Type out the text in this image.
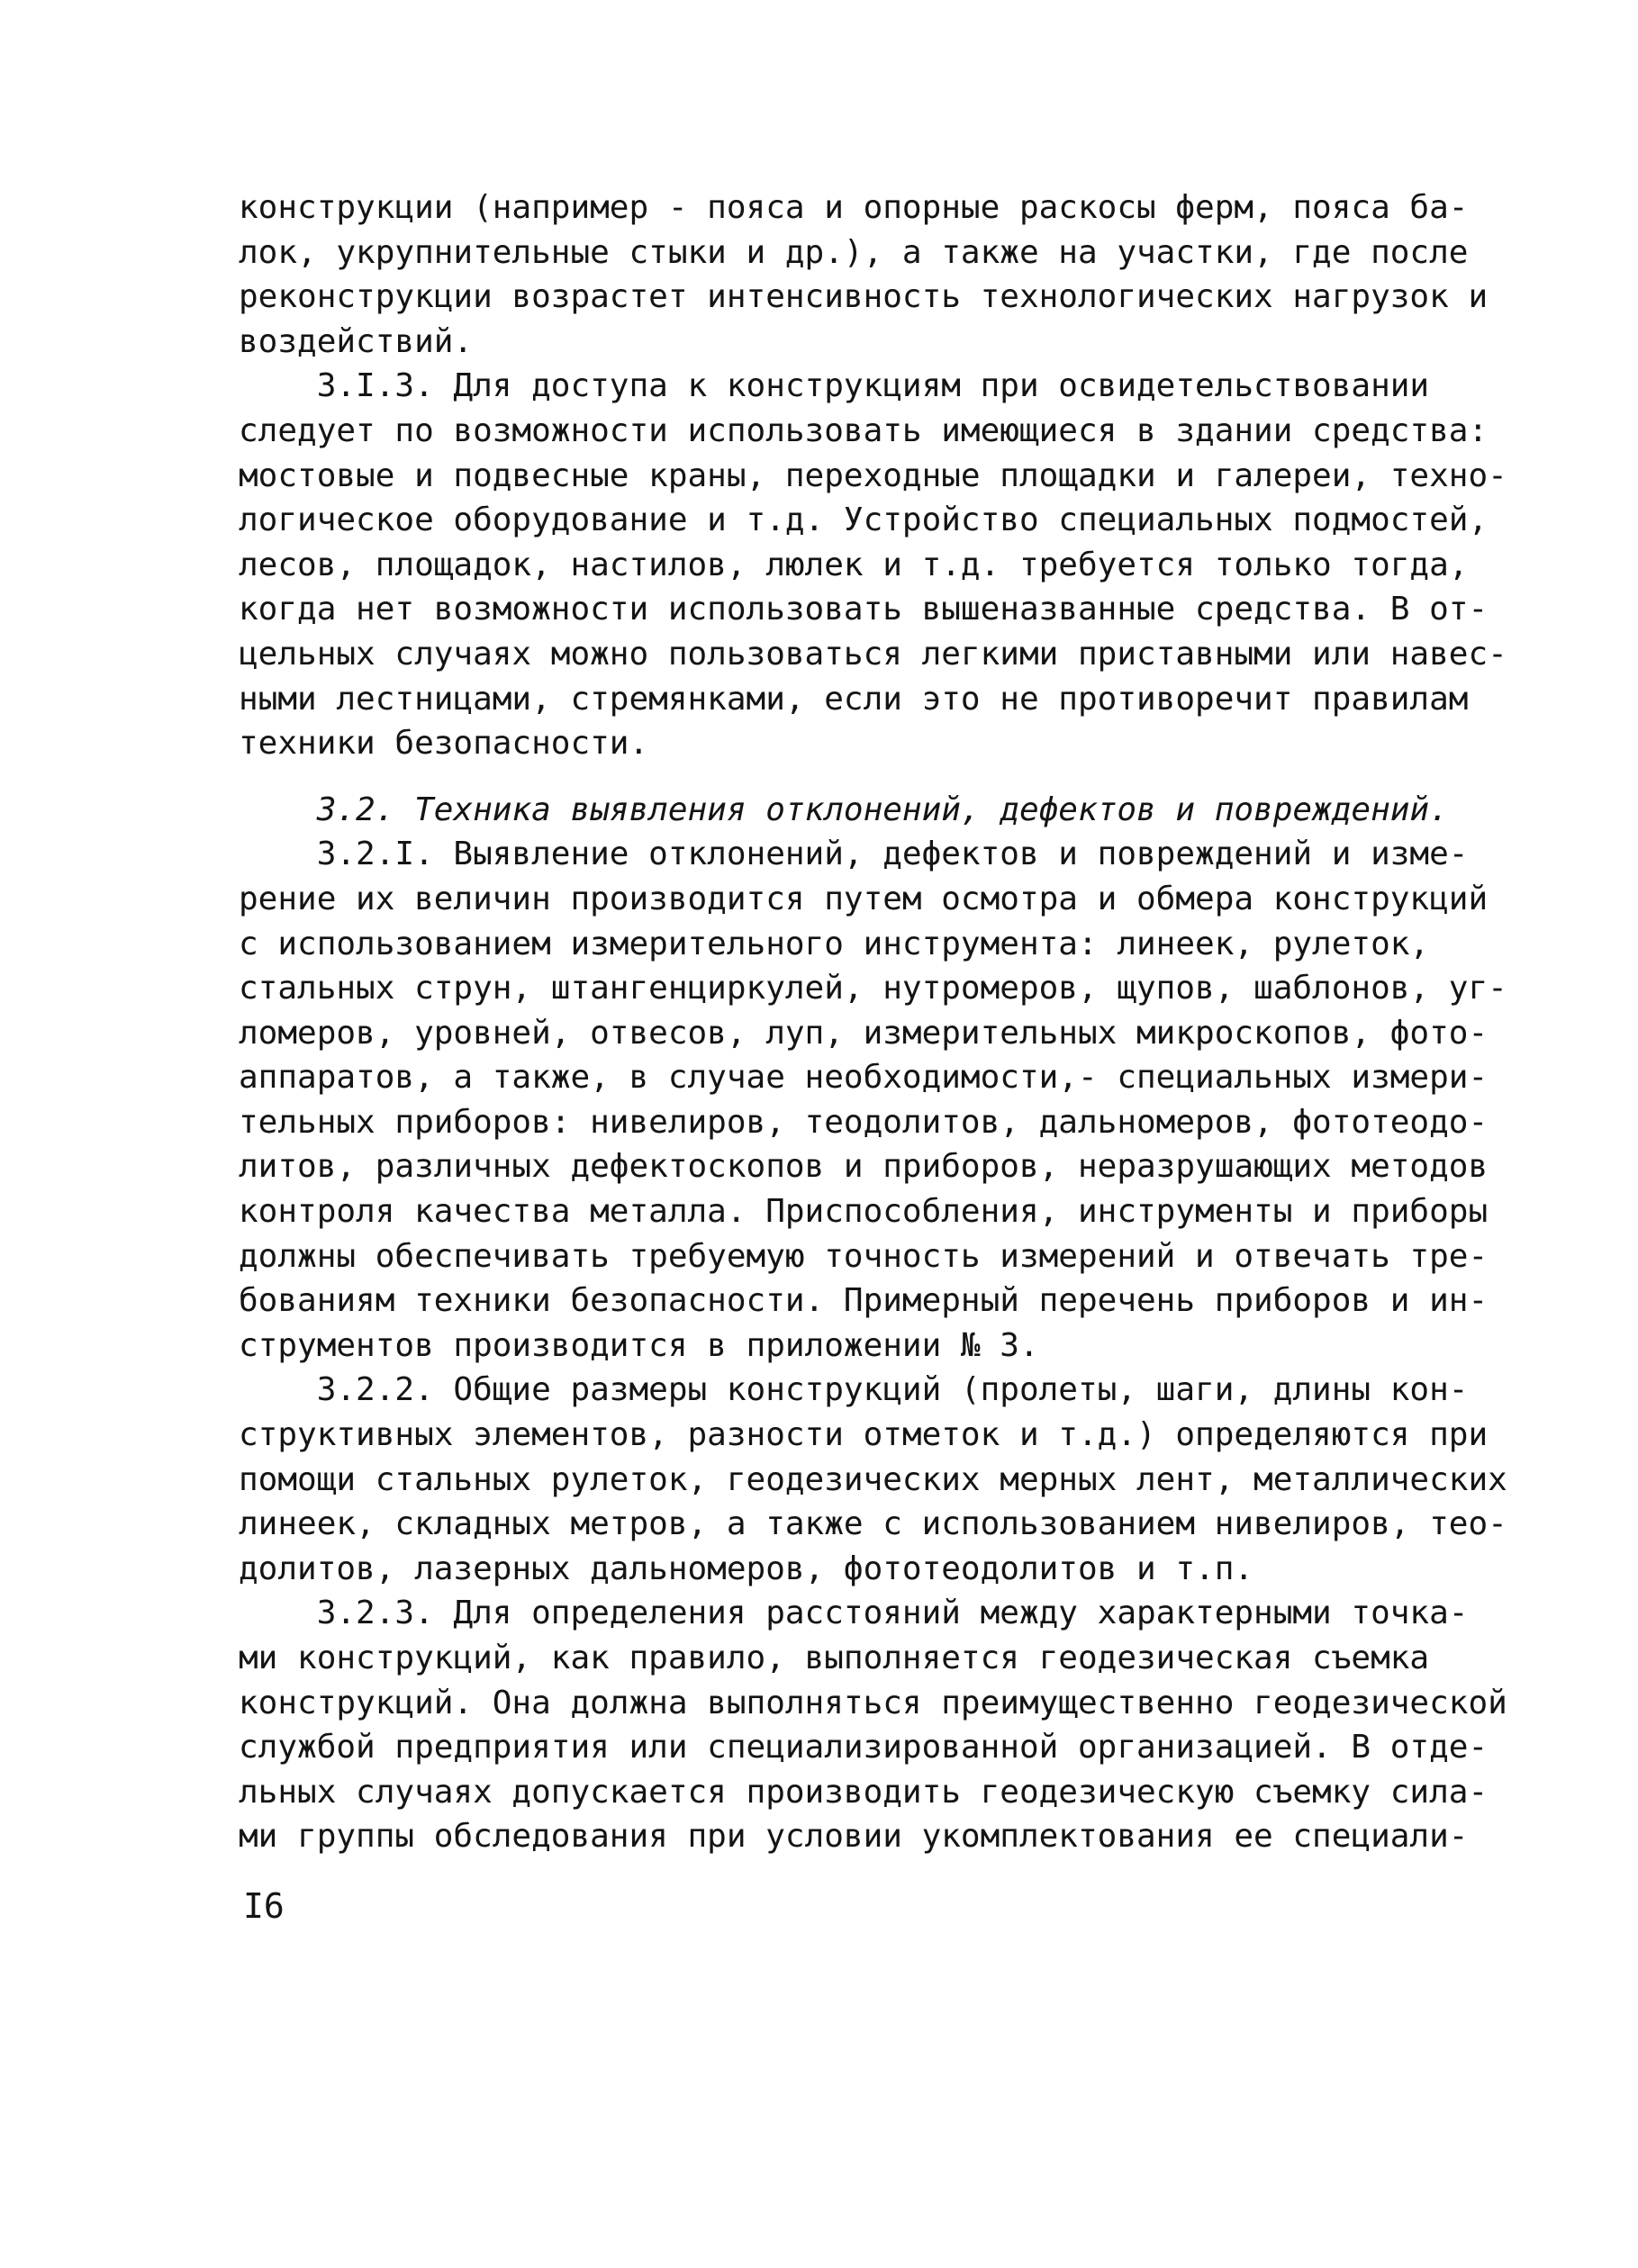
конструкции (например - пояса и опорные раскосы ферм, пояса ба-
лок, укрупнительные стыки и др.), а также на участки, где после
реконструкции возрастет интенсивность технологических нагрузок и
воздействий.
3.I.3. Для доступа к конструкциям при освидетельствовании
следует по возможности использовать имеющиеся в здании средства:
мостовые и подвесные краны, переходные площадки и галереи, техно-
логическое оборудование и т.д. Устройство специальных подмостей,
лесов, площадок, настилов, люлек и т.д. требуется только тогда,
когда нет возможности использовать вышеназванные средства. В от-
цельных случаях можно пользоваться легкими приставными или навес-
ными лестницами, стремянками, если это не противоречит правилам
техники безопасности.
3.2. Техника выявления отклонений, дефектов и повреждений.
3.2.I. Выявление отклонений, дефектов и повреждений и изме-
рение их величин производится путем осмотра и обмера конструкций
с использованием измерительного инструмента: линеек, рулеток,
стальных струн, штангенциркулей, нутромеров, щупов, шаблонов, уг-
ломеров, уровней, отвесов, луп, измерительных микроскопов, фото-
аппаратов, а также, в случае необходимости,- специальных измери-
тельных приборов: нивелиров, теодолитов, дальномеров, фототеодо-
литов, различных дефектоскопов и приборов, неразрушающих методов
контроля качества металла. Приспособления, инструменты и приборы
должны обеспечивать требуемую точность измерений и отвечать тре-
бованиям техники безопасности. Примерный перечень приборов и ин-
струментов производится в приложении № 3.
3.2.2. Общие размеры конструкций (пролеты, шаги, длины кон-
структивных элементов, разности отметок и т.д.) определяются при
помощи стальных рулеток, геодезических мерных лент, металлических
линеек, складных метров, а также с использованием нивелиров, тео-
долитов, лазерных дальномеров, фототеодолитов и т.п.
3.2.3. Для определения расстояний между характерными точка-
ми конструкций, как правило, выполняется геодезическая съемка
конструкций. Она должна выполняться преимущественно геодезической
службой предприятия или специализированной организацией. В отде-
льных случаях допускается производить геодезическую съемку сила-
ми группы обследования при условии укомплектования ее специали-
I6
